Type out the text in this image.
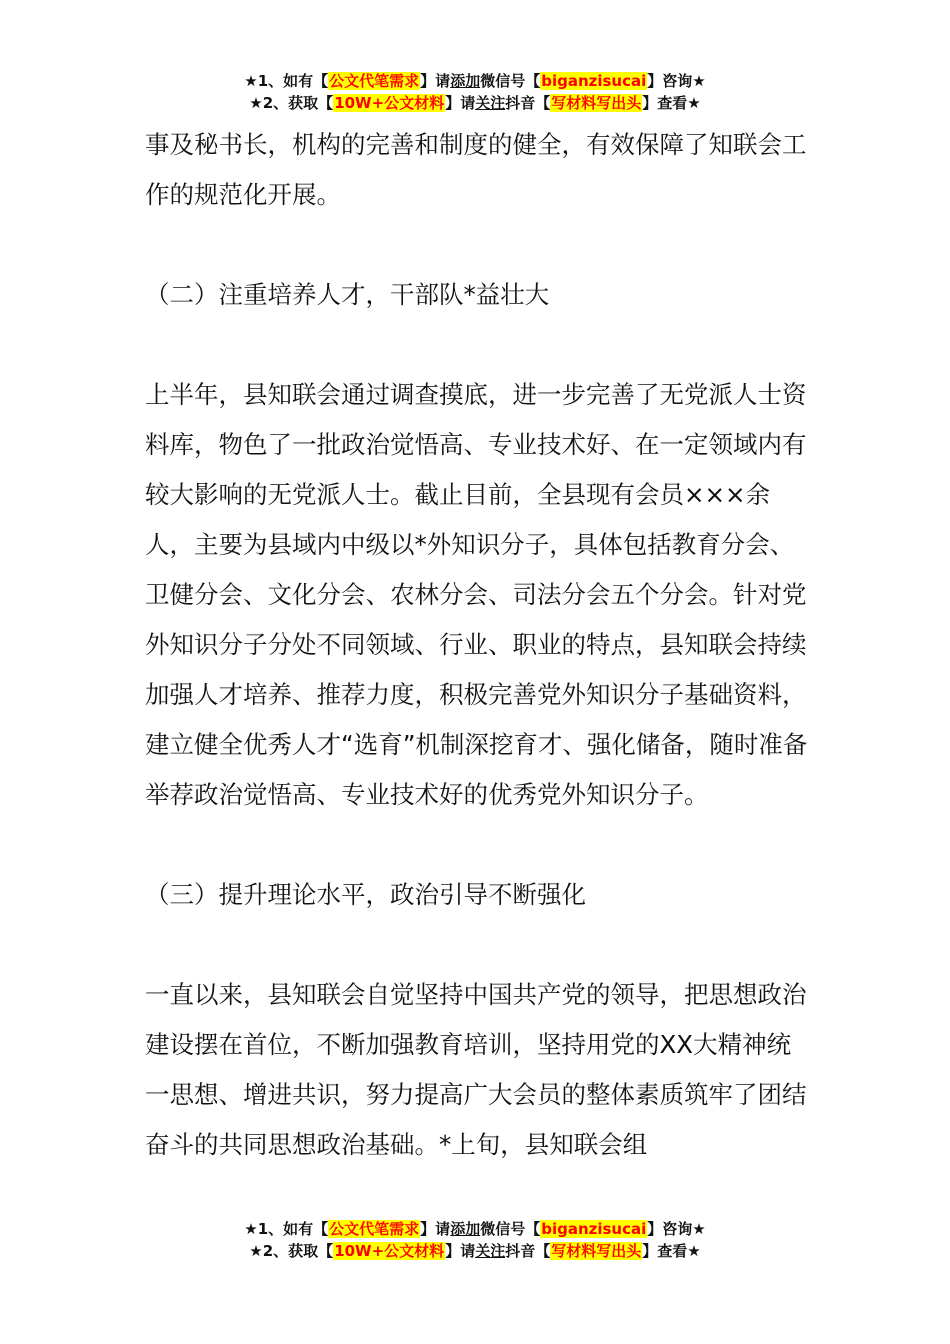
★1、如有【公文代笔需求】请添加微信号【biganzisucai】咨询★
★2、获取【10W+公文材料】请关注抖音【写材料写出头】查看★

事及秘书长，机构的完善和制度的健全，有效保障了知联会工作的规范化开展。

（二）注重培养人才，干部队*益壮大

上半年，县知联会通过调查摸底，进一步完善了无党派人士资料库，物色了一批政治觉悟高、专业技术好、在一定领域内有较大影响的无党派人士。截止目前，全县现有会员×××余人，主要为县域内中级以*外知识分子，具体包括教育分会、卫健分会、文化分会、农林分会、司法分会五个分会。针对党外知识分子分处不同领域、行业、职业的特点，县知联会持续加强人才培养、推荐力度，积极完善党外知识分子基础资料，建立健全优秀人才“选育”机制深挖育才、强化储备，随时准备举荐政治觉悟高、专业技术好的优秀党外知识分子。

（三）提升理论水平，政治引导不断强化

一直以来，县知联会自觉坚持中国共产党的领导，把思想政治建设摆在首位，不断加强教育培训，坚持用党的XX大精神统一思想、增进共识，努力提高广大会员的整体素质筑牢了团结奋斗的共同思想政治基础。*上旬，县知联会组

★1、如有【公文代笔需求】请添加微信号【biganzisucai】咨询★
★2、获取【10W+公文材料】请关注抖音【写材料写出头】查看★
